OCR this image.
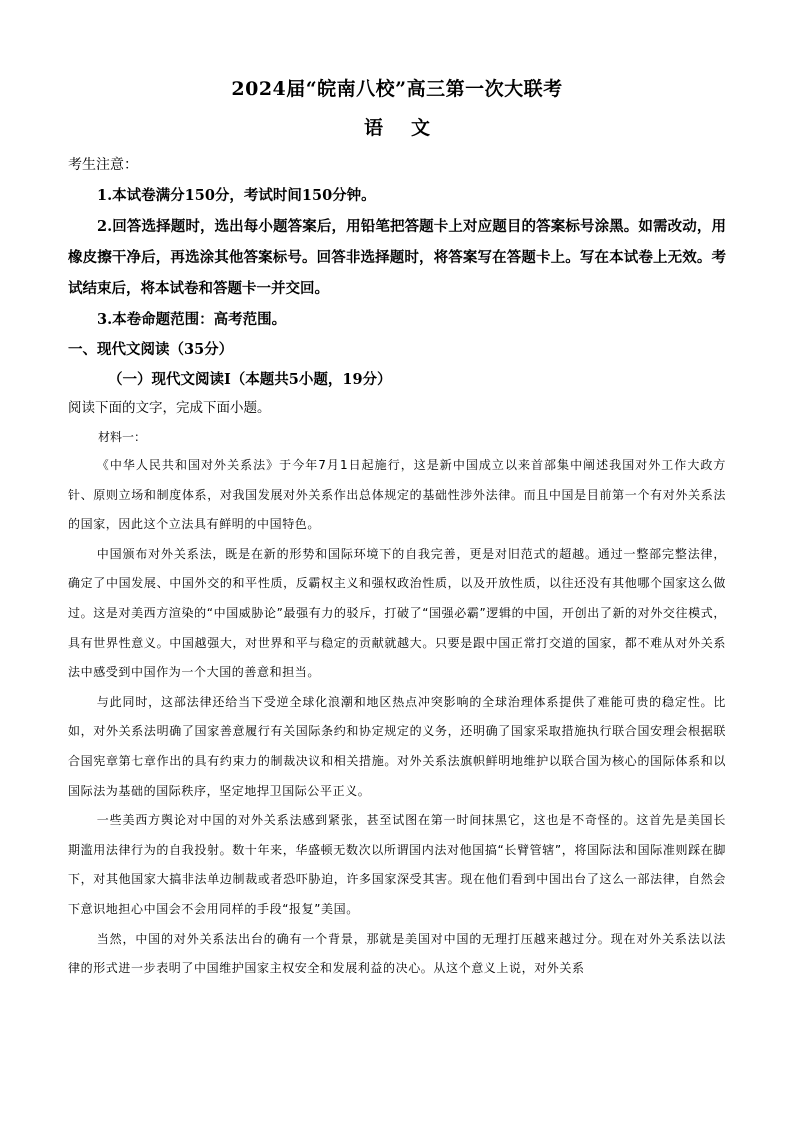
2024届“皖南八校”高三第一次大联考
语文
考生注意：

1.本试卷满分150分，考试时间150分钟。

2.回答选择题时，选出每小题答案后，用铅笔把答题卡上对应题目的答案标号涂黑。如需改动，用橡皮擦干净后，再选涂其他答案标号。回答非选择题时，将答案写在答题卡上。写在本试卷上无效。考试结束后，将本试卷和答题卡一并交回。

3.本卷命题范围：高考范围。

一、现代文阅读（35分）
（一）现代文阅读Ⅰ（本题共5小题，19分）
阅读下面的文字，完成下面小题。
材料一：

《中华人民共和国对外关系法》于今年7月1日起施行，这是新中国成立以来首部集中阐述我国对外工作大政方针、原则立场和制度体系，对我国发展对外关系作出总体规定的基础性涉外法律。而且中国是目前第一个有对外关系法的国家，因此这个立法具有鲜明的中国特色。

中国颁布对外关系法，既是在新的形势和国际环境下的自我完善，更是对旧范式的超越。通过一整部完整法律，确定了中国发展、中国外交的和平性质，反霸权主义和强权政治性质，以及开放性质，以往还没有其他哪个国家这么做过。这是对美西方渲染的“中国威胁论”最强有力的驳斥，打破了“国强必霸”逻辑的中国，开创出了新的对外交往模式，具有世界性意义。中国越强大，对世界和平与稳定的贡献就越大。只要是跟中国正常打交道的国家，都不难从对外关系法中感受到中国作为一个大国的善意和担当。

与此同时，这部法律还给当下受逆全球化浪潮和地区热点冲突影响的全球治理体系提供了难能可贵的稳定性。比如，对外关系法明确了国家善意履行有关国际条约和协定规定的义务，还明确了国家采取措施执行联合国安理会根据联合国宪章第七章作出的具有约束力的制裁决议和相关措施。对外关系法旗帜鲜明地维护以联合国为核心的国际体系和以国际法为基础的国际秩序，坚定地捍卫国际公平正义。

一些美西方舆论对中国的对外关系法感到紧张，甚至试图在第一时间抹黑它，这也是不奇怪的。这首先是美国长期滥用法律行为的自我投射。数十年来，华盛顿无数次以所谓国内法对他国搞“长臂管辖”，将国际法和国际准则踩在脚下，对其他国家大搞非法单边制裁或者恐吓胁迫，许多国家深受其害。现在他们看到中国出台了这么一部法律，自然会下意识地担心中国会不会用同样的手段“报复”美国。

当然，中国的对外关系法出台的确有一个背景，那就是美国对中国的无理打压越来越过分。现在对外关系法以法律的形式进一步表明了中国维护国家主权安全和发展利益的决心。从这个意义上说，对外关系
